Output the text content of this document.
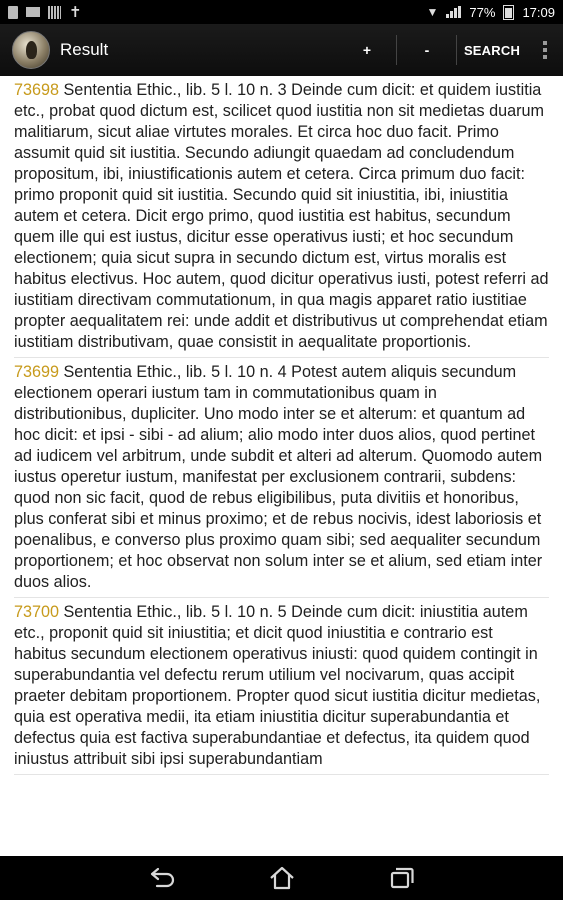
✝	▼ 77% 17:09
Result	+	-	SEARCH
73698 Sententia Ethic., lib. 5 l. 10 n. 3 Deinde cum dicit: et quidem iustitia etc., probat quod dictum est, scilicet quod iustitia non sit medietas duarum malitiarum, sicut aliae virtutes morales. Et circa hoc duo facit. Primo assumit quid sit iustitia. Secundo adiungit quaedam ad concludendum propositum, ibi, iniustificationis autem et cetera. Circa primum duo facit: primo proponit quid sit iustitia. Secundo quid sit iniustitia, ibi, iniustitia autem et cetera. Dicit ergo primo, quod iustitia est habitus, secundum quem ille qui est iustus, dicitur esse operativus iusti; et hoc secundum electionem; quia sicut supra in secundo dictum est, virtus moralis est habitus electivus. Hoc autem, quod dicitur operativus iusti, potest referri ad iustitiam directivam commutationum, in qua magis apparet ratio iustitiae propter aequalitatem rei: unde addit et distributivus ut comprehendat etiam iustitiam distributivam, quae consistit in aequalitate proportionis.
73699 Sententia Ethic., lib. 5 l. 10 n. 4 Potest autem aliquis secundum electionem operari iustum tam in commutationibus quam in distributionibus, dupliciter. Uno modo inter se et alterum: et quantum ad hoc dicit: et ipsi - sibi - ad alium; alio modo inter duos alios, quod pertinet ad iudicem vel arbitrum, unde subdit et alteri ad alterum. Quomodo autem iustus operetur iustum, manifestat per exclusionem contrarii, subdens: quod non sic facit, quod de rebus eligibilibus, puta divitiis et honoribus, plus conferat sibi et minus proximo; et de rebus nocivis, idest laboriosis et poenalibus, e converso plus proximo quam sibi; sed aequaliter secundum proportionem; et hoc observat non solum inter se et alium, sed etiam inter duos alios.
73700 Sententia Ethic., lib. 5 l. 10 n. 5 Deinde cum dicit: iniustitia autem etc., proponit quid sit iniustitia; et dicit quod iniustitia e contrario est habitus secundum electionem operativus iniusti: quod quidem contingit in superabundantia vel defectu rerum utilium vel nocivarum, quas accipit praeter debitam proportionem. Propter quod sicut iustitia dicitur medietas, quia est operativa medii, ita etiam iniustitia dicitur superabundantia et defectus quia est factiva superabundantiae et defectus, ita quidem quod iniustus attribuit sibi ipsi superabundantiam
